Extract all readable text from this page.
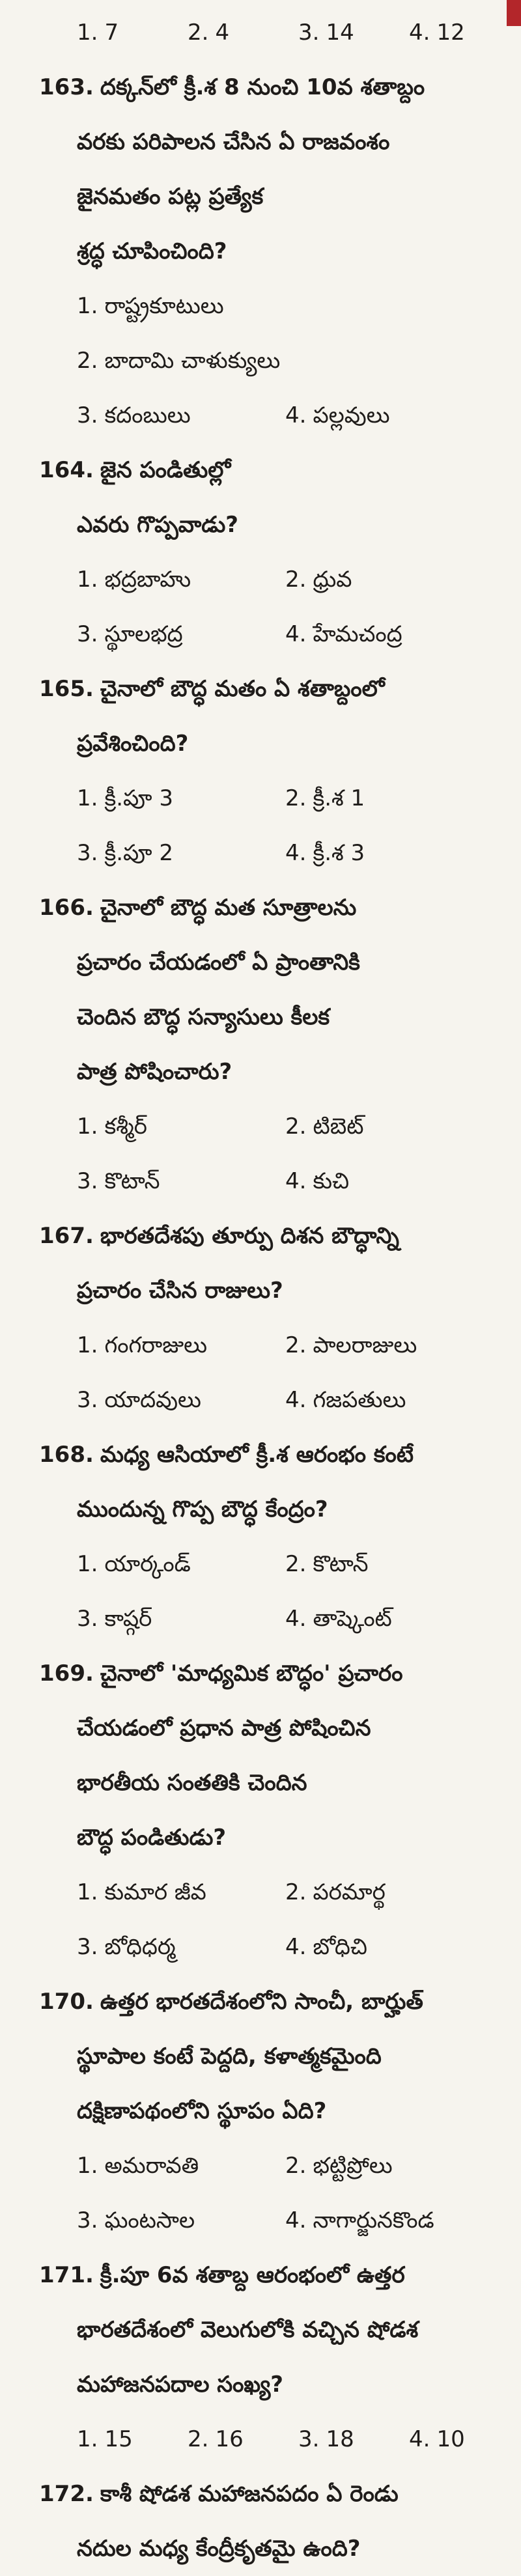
1. 7	2. 4	3. 14 4. 12
163. దక్కన్‌లో క్రీ.శ 8 నుంచి 10వ శతాబ్దం
వరకు పరిపాలన చేసిన ఏ రాజవంశం
జైనమతం పట్ల ప్రత్యేక
శ్రద్ధ చూపించింది?
1. రాష్ట్రకూటులు
2. బాదామి చాళుక్యులు
3. కదంబులు	4. పల్లవులు
164. జైన పండితుల్లో
ఎవరు గొప్పవాడు?
1. భద్రబాహు	2. ధ్రువ
3. స్థూలభద్ర	4. హేమచంద్ర
165. చైనాలో బౌద్ధ మతం ఏ శతాబ్దంలో
ప్రవేశించింది?
1. క్రీ.పూ 3	2. క్రీ.శ 1
3. క్రీ.పూ 2	4. క్రీ.శ 3
166. చైనాలో బౌద్ధ మత సూత్రాలను
ప్రచారం చేయడంలో ఏ ప్రాంతానికి
చెందిన బౌద్ధ సన్యాసులు కీలక
పాత్ర పోషించారు?
1. కశ్మీర్	2. టిబెట్
3. కొటాన్	4. కుచి
167. భారతదేశపు తూర్పు దిశన బౌద్ధాన్ని
ప్రచారం చేసిన రాజులు?
1. గంగరాజులు	2. పాలరాజులు
3. యాదవులు	4. గజపతులు
168. మధ్య ఆసియాలో క్రీ.శ ఆరంభం కంటే
ముందున్న గొప్ప బౌద్ధ కేంద్రం?
1. యార్కండ్	2. కొటాన్
3. కాష్గర్	4. తాష్కెంట్
169. చైనాలో 'మాధ్యమిక బౌద్ధం' ప్రచారం
చేయడంలో ప్రధాన పాత్ర పోషించిన
భారతీయ సంతతికి చెందిన
బౌద్ధ పండితుడు?
1. కుమార జీవ	2. పరమార్థ
3. బోధిధర్మ	4. బోధిచి
170. ఉత్తర భారతదేశంలోని సాంచీ, బార్హుత్
స్థూపాల కంటే పెద్దది, కళాత్మకమైంది
దక్షిణాపథంలోని స్థూపం ఏది?
1. అమరావతి	2. భట్టిప్రోలు
3. ఘంటసాల	4. నాగార్జునకొండ
171. క్రీ.పూ 6వ శతాబ్ద ఆరంభంలో ఉత్తర
భారతదేశంలో వెలుగులోకి వచ్చిన షోడశ
మహాజనపదాల సంఖ్య?
1. 15 2. 16 3. 18 4. 10
172. కాశీ షోడశ మహాజనపదం ఏ రెండు
నదుల మధ్య కేంద్రీకృతమై ఉంది?
